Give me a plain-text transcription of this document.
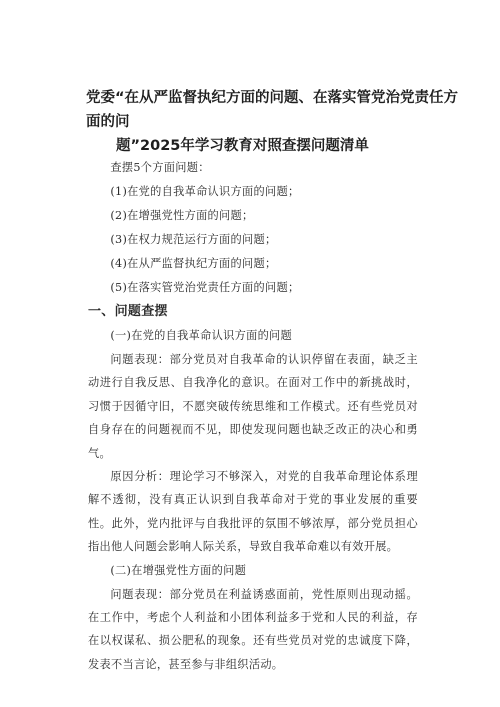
党委“在从严监督执纪方面的问题、在落实管党治党责任方面的问
题”2025年学习教育对照查摆问题清单

查摆5个方面问题：

(1)在党的自我革命认识方面的问题；

(2)在增强党性方面的问题；

(3)在权力规范运行方面的问题；

(4)在从严监督执纪方面的问题；

(5)在落实管党治党责任方面的问题；

一、问题查摆

(一)在党的自我革命认识方面的问题

问题表现：部分党员对自我革命的认识停留在表面，缺乏主动进行自我反思、自我净化的意识。在面对工作中的新挑战时，习惯于因循守旧，不愿突破传统思维和工作模式。还有些党员对自身存在的问题视而不见，即使发现问题也缺乏改正的决心和勇气。

原因分析：理论学习不够深入，对党的自我革命理论体系理解不透彻，没有真正认识到自我革命对于党的事业发展的重要性。此外，党内批评与自我批评的氛围不够浓厚，部分党员担心指出他人问题会影响人际关系，导致自我革命难以有效开展。

(二)在增强党性方面的问题

问题表现：部分党员在利益诱惑面前，党性原则出现动摇。在工作中，考虑个人利益和小团体利益多于党和人民的利益，存在以权谋私、损公肥私的现象。还有些党员对党的忠诚度下降，发表不当言论，甚至参与非组织活动。
